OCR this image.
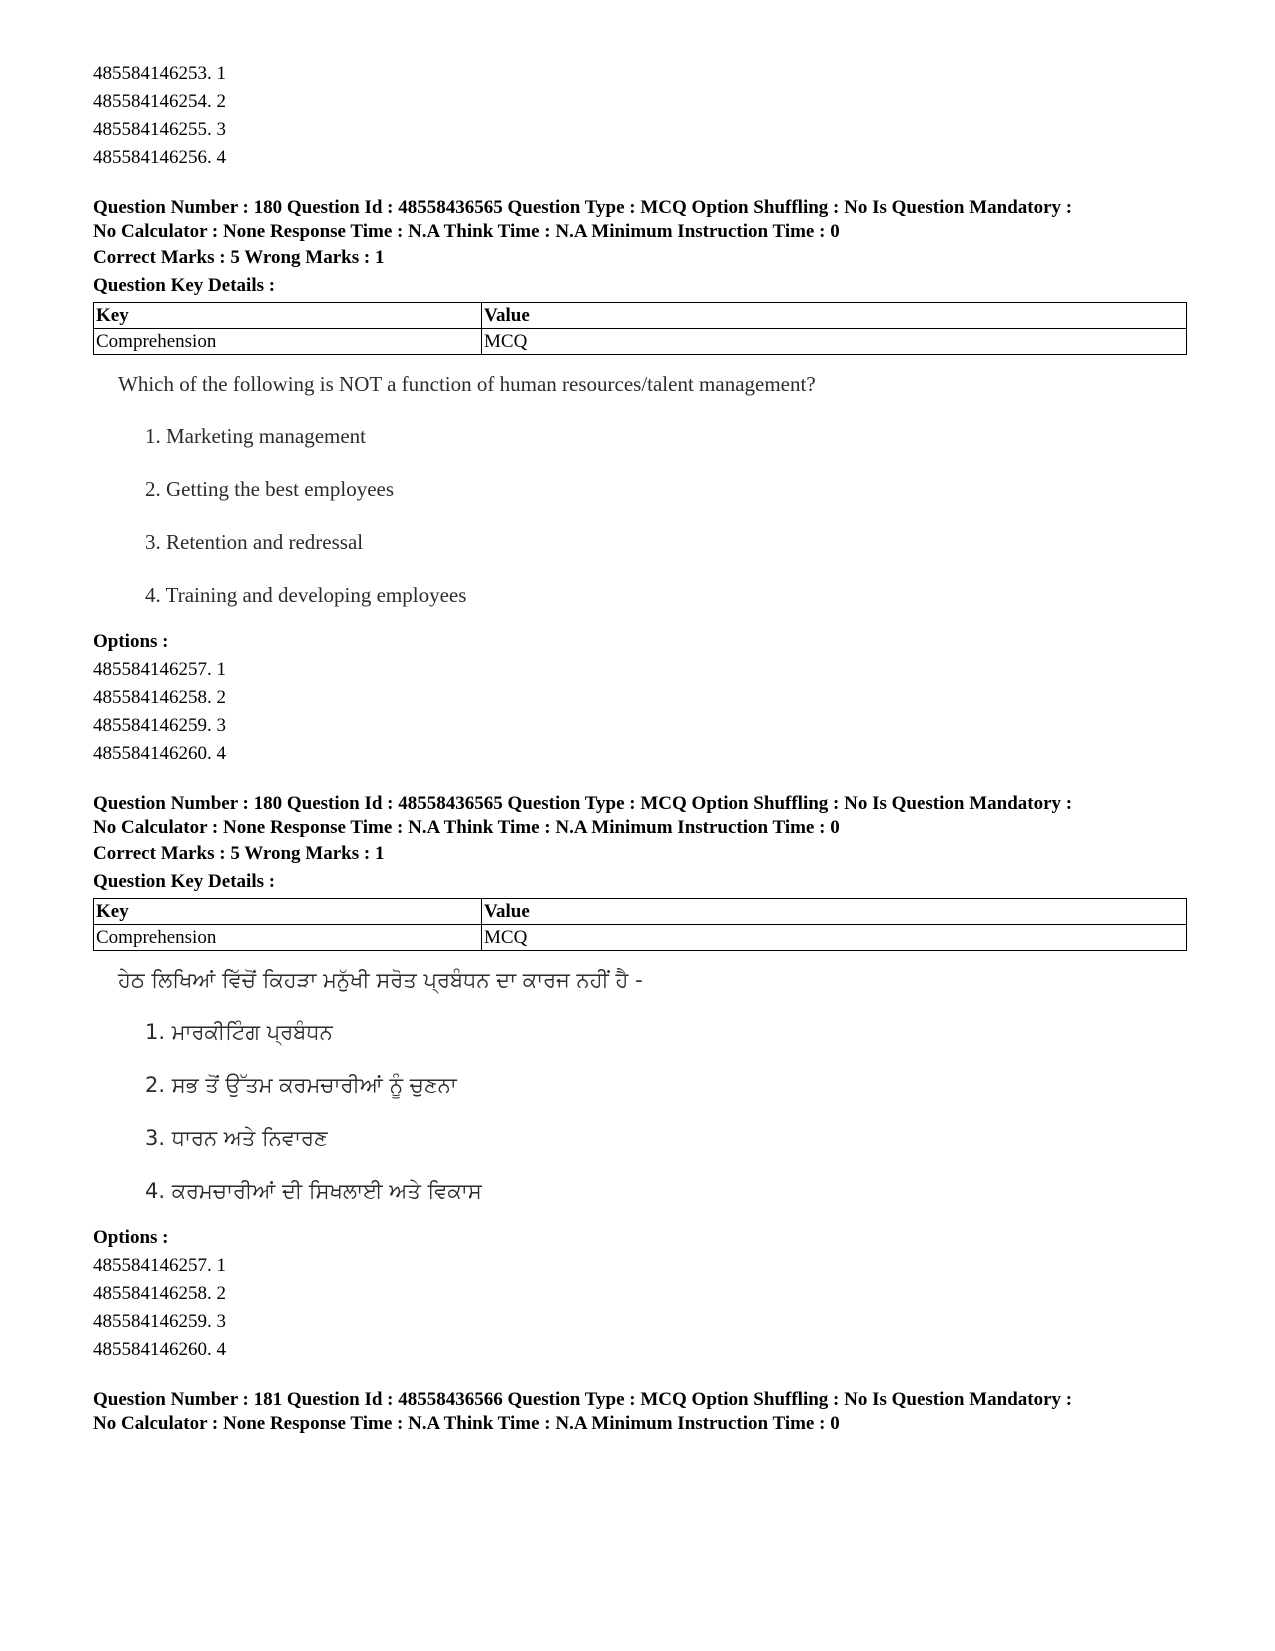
485584146253. 1
485584146254. 2
485584146255. 3
485584146256. 4
Question Number : 180 Question Id : 48558436565 Question Type : MCQ Option Shuffling : No Is Question Mandatory :
No Calculator : None Response Time : N.A Think Time : N.A Minimum Instruction Time : 0
Correct Marks : 5 Wrong Marks : 1
Question Key Details :
Key	Value
Comprehension	MCQ
Which of the following is NOT a function of human resources/talent management?
1. Marketing management
2. Getting the best employees
3. Retention and redressal
4. Training and developing employees
Options :
485584146257. 1
485584146258. 2
485584146259. 3
485584146260. 4
Question Number : 180 Question Id : 48558436565 Question Type : MCQ Option Shuffling : No Is Question Mandatory :
No Calculator : None Response Time : N.A Think Time : N.A Minimum Instruction Time : 0
Correct Marks : 5 Wrong Marks : 1
Question Key Details :
Key	Value
Comprehension	MCQ
ਹੇਠ ਲਿਖਿਆਂ ਵਿੱਚੋਂ ਕਿਹੜਾ ਮਨੁੱਖੀ ਸਰੋਤ ਪ੍ਰਬੰਧਨ ਦਾ ਕਾਰਜ ਨਹੀਂ ਹੈ -
1. ਮਾਰਕੀਟਿੰਗ ਪ੍ਰਬੰਧਨ
2. ਸਭ ਤੋਂ ਉੱਤਮ ਕਰਮਚਾਰੀਆਂ ਨੂੰ ਚੁਣਨਾ
3. ਧਾਰਨ ਅਤੇ ਨਿਵਾਰਣ
4. ਕਰਮਚਾਰੀਆਂ ਦੀ ਸਿਖਲਾਈ ਅਤੇ ਵਿਕਾਸ
Options :
485584146257. 1
485584146258. 2
485584146259. 3
485584146260. 4
Question Number : 181 Question Id : 48558436566 Question Type : MCQ Option Shuffling : No Is Question Mandatory :
No Calculator : None Response Time : N.A Think Time : N.A Minimum Instruction Time : 0
